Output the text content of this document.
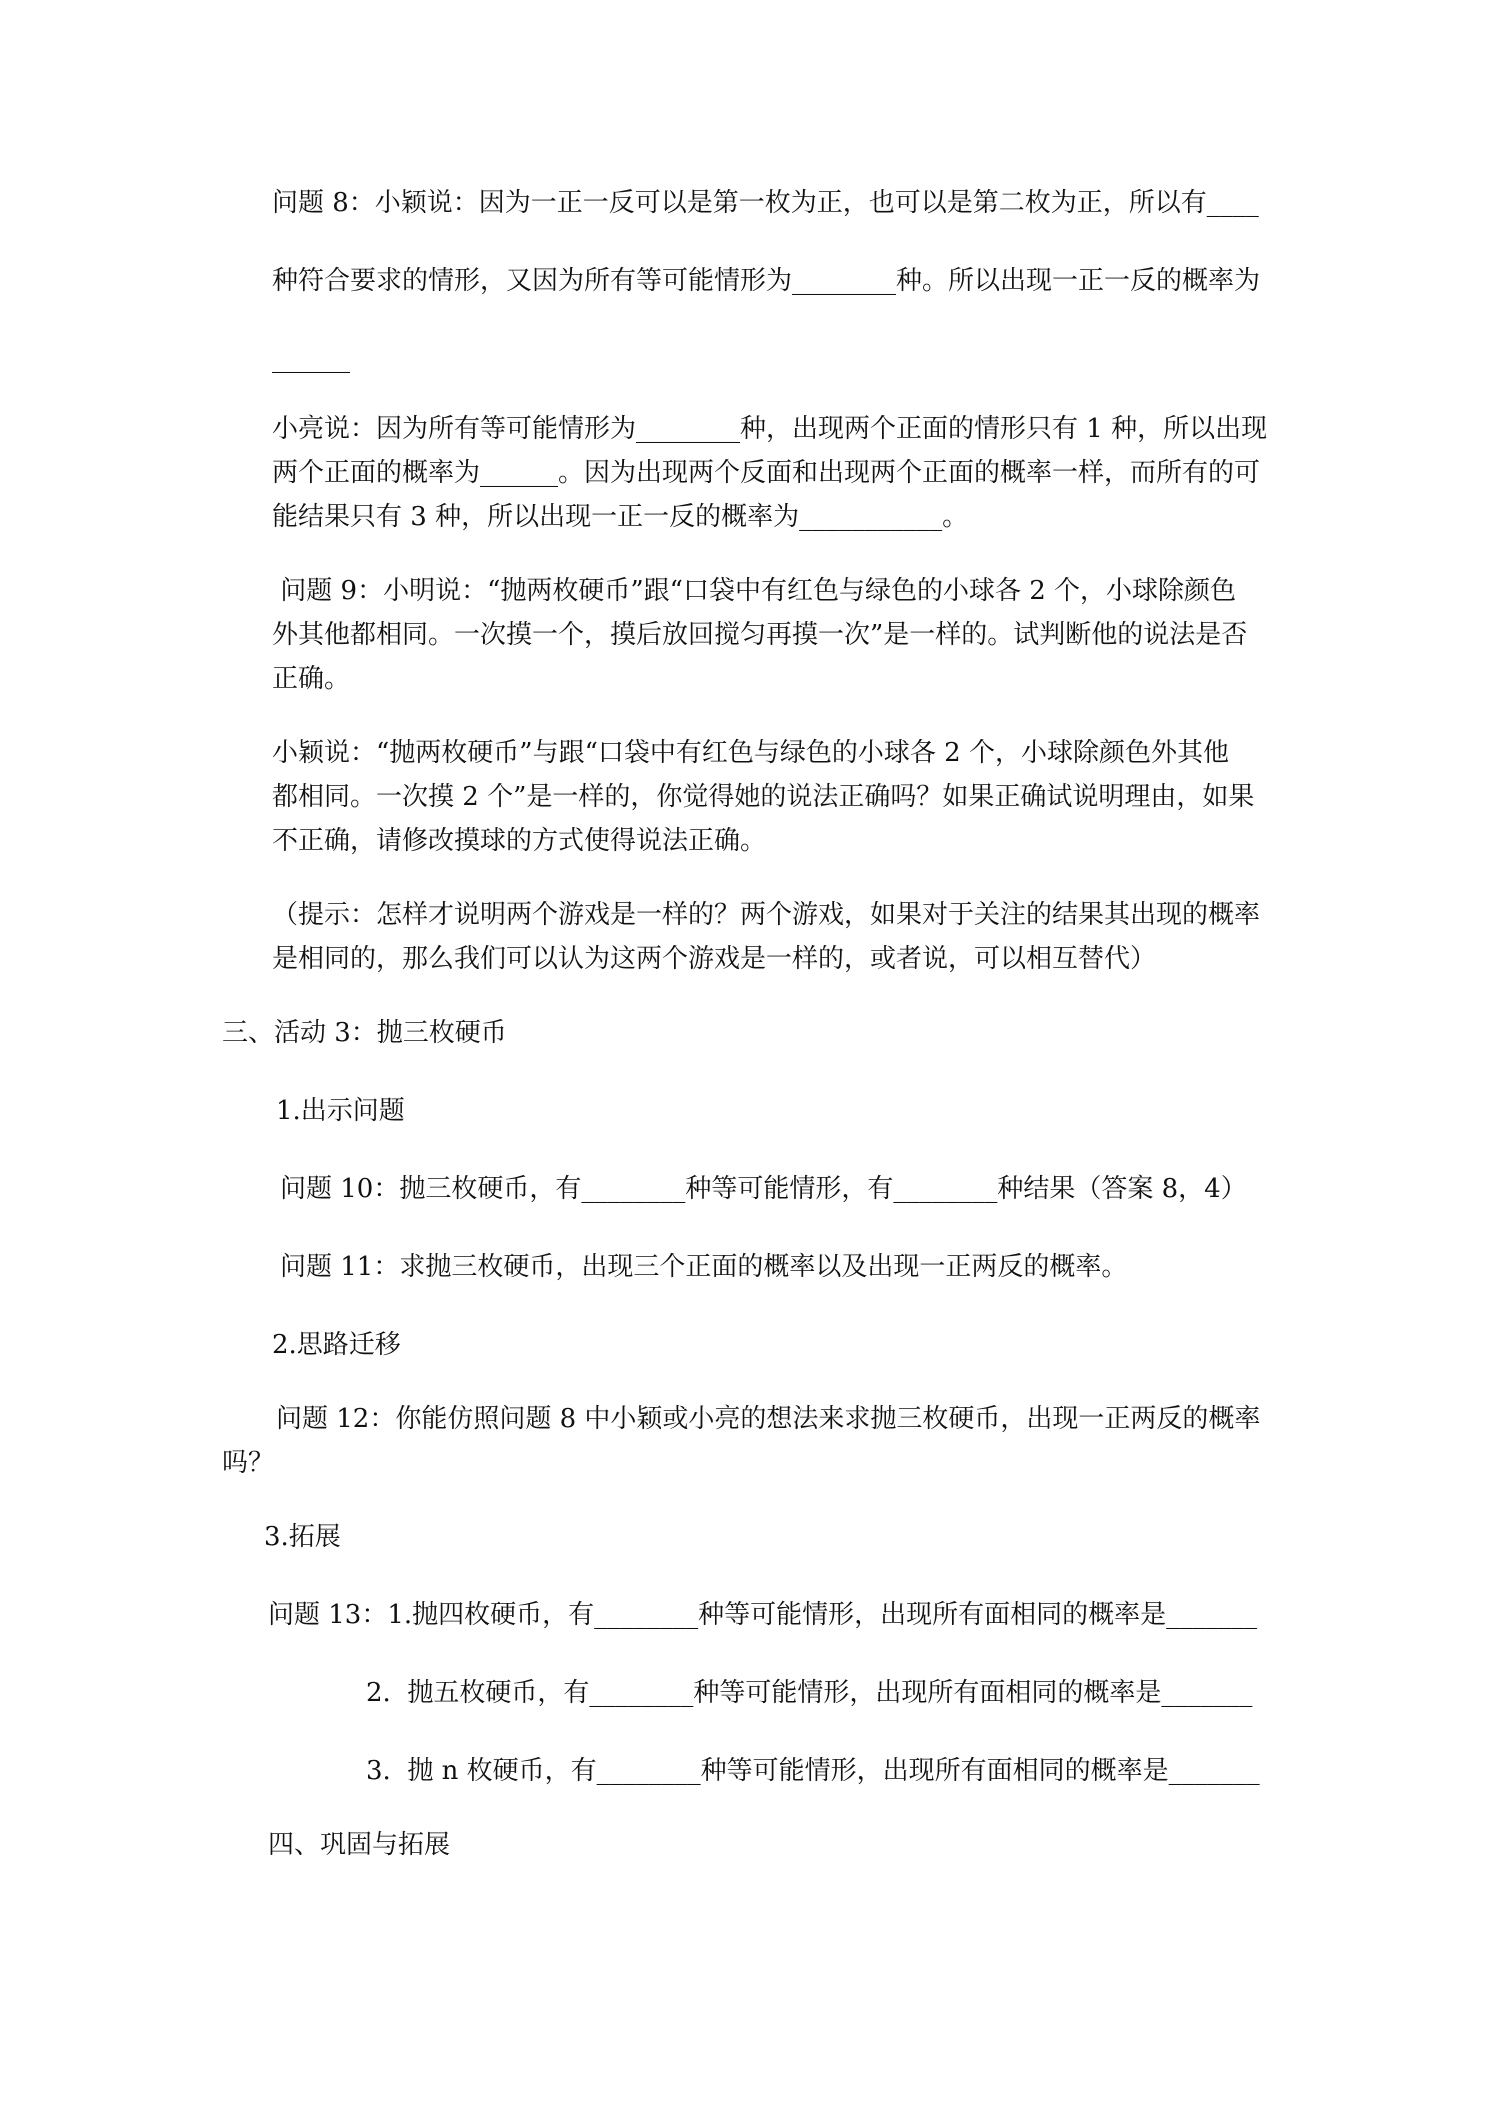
问题 8：小颖说：因为一正一反可以是第一枚为正，也可以是第二枚为正，所以有____
种符合要求的情形，又因为所有等可能情形为________种。所以出现一正一反的概率为
______
小亮说：因为所有等可能情形为________种，出现两个正面的情形只有 1 种，所以出现
两个正面的概率为______。因为出现两个反面和出现两个正面的概率一样，而所有的可
能结果只有 3 种，所以出现一正一反的概率为___________。
问题 9：小明说：“抛两枚硬币”跟“口袋中有红色与绿色的小球各 2 个，小球除颜色
外其他都相同。一次摸一个，摸后放回搅匀再摸一次”是一样的。试判断他的说法是否
正确。
小颖说：“抛两枚硬币”与跟“口袋中有红色与绿色的小球各 2 个，小球除颜色外其他
都相同。一次摸 2 个”是一样的，你觉得她的说法正确吗？如果正确试说明理由，如果
不正确，请修改摸球的方式使得说法正确。
（提示：怎样才说明两个游戏是一样的？两个游戏，如果对于关注的结果其出现的概率
是相同的，那么我们可以认为这两个游戏是一样的，或者说，可以相互替代）
三、活动 3：抛三枚硬币
1.出示问题
问题 10：抛三枚硬币，有________种等可能情形，有________种结果（答案 8，4）
问题 11：求抛三枚硬币，出现三个正面的概率以及出现一正两反的概率。
2.思路迁移
问题 12：你能仿照问题 8 中小颖或小亮的想法来求抛三枚硬币，出现一正两反的概率
吗？
3.拓展
问题 13：1.抛四枚硬币，有________种等可能情形，出现所有面相同的概率是_______
2.  抛五枚硬币，有________种等可能情形，出现所有面相同的概率是_______
3.  抛 n 枚硬币，有________种等可能情形，出现所有面相同的概率是_______
四、巩固与拓展
